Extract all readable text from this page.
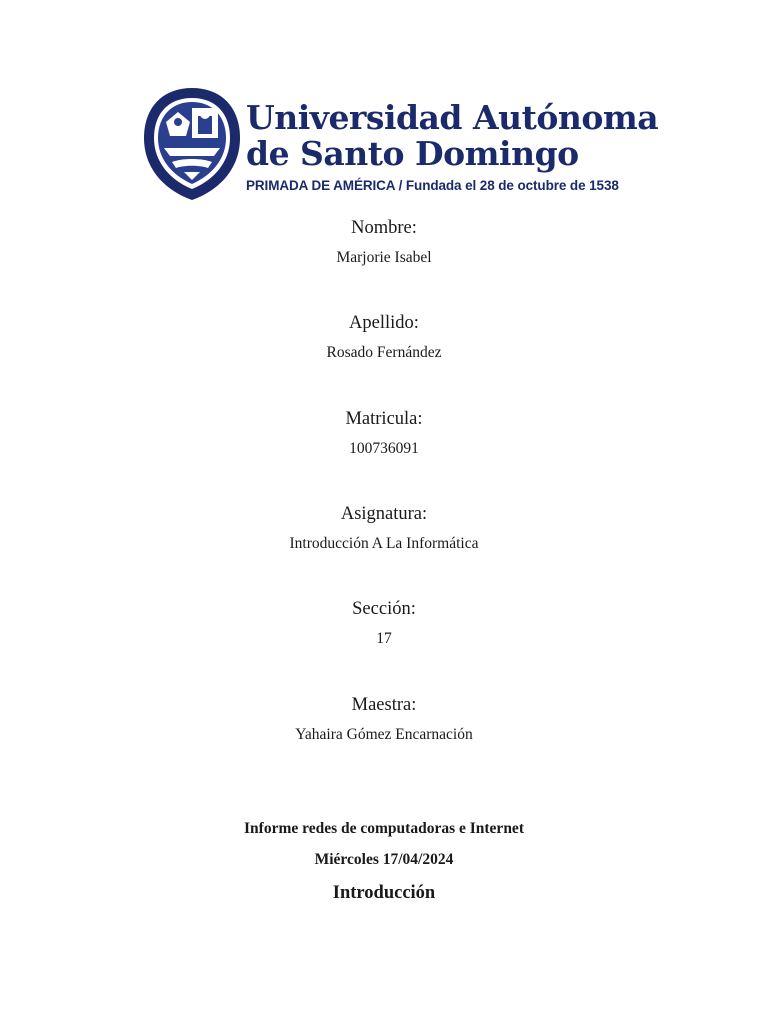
Universidad Autónoma
de Santo Domingo
PRIMADA DE AMÉRICA / Fundada el 28 de octubre de 1538
Nombre:
Marjorie Isabel
Apellido:
Rosado Fernández
Matricula:
100736091
Asignatura:
Introducción A La Informática
Sección:
17
Maestra:
Yahaira Gómez Encarnación
Informe redes de computadoras e Internet
Miércoles 17/04/2024
Introducción
